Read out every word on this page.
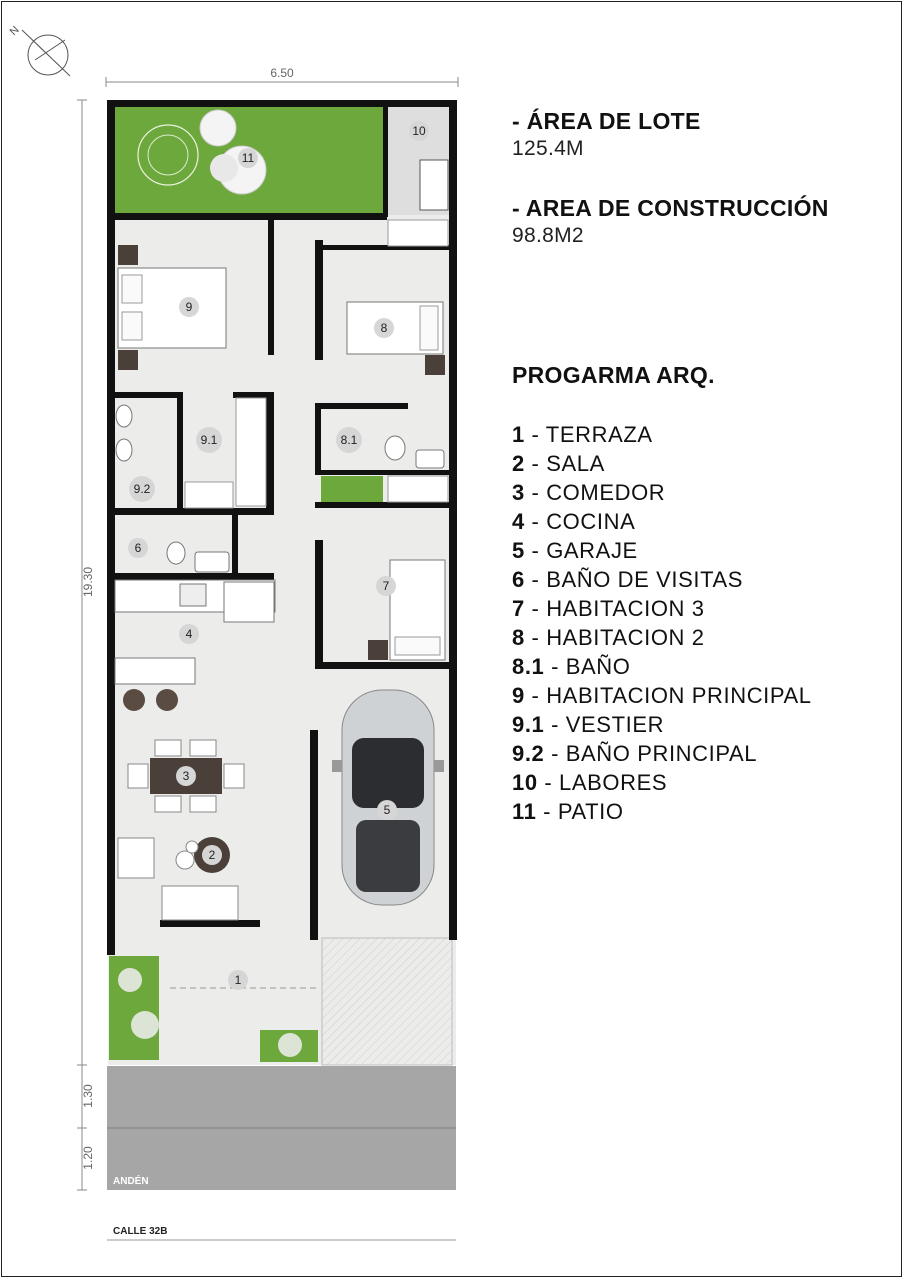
N
6.50
19.30
1.30
1.20
ANDÉN
CALLE 32B
9
8
7
8.1
9.1
9.2
6
4
3
2
5
1
10
11
- ÁREA DE LOTE
125.4M
- AREA DE CONSTRUCCIÓN
98.8M2
PROGARMA ARQ.
1 - TERRAZA
2 - SALA
3 - COMEDOR
4 - COCINA
5 - GARAJE
6 - BAÑO DE VISITAS
7 - HABITACION 3
8 - HABITACION 2
8.1 - BAÑO
9 - HABITACION PRINCIPAL
9.1 - VESTIER
9.2 - BAÑO PRINCIPAL
10 - LABORES
11 - PATIO
